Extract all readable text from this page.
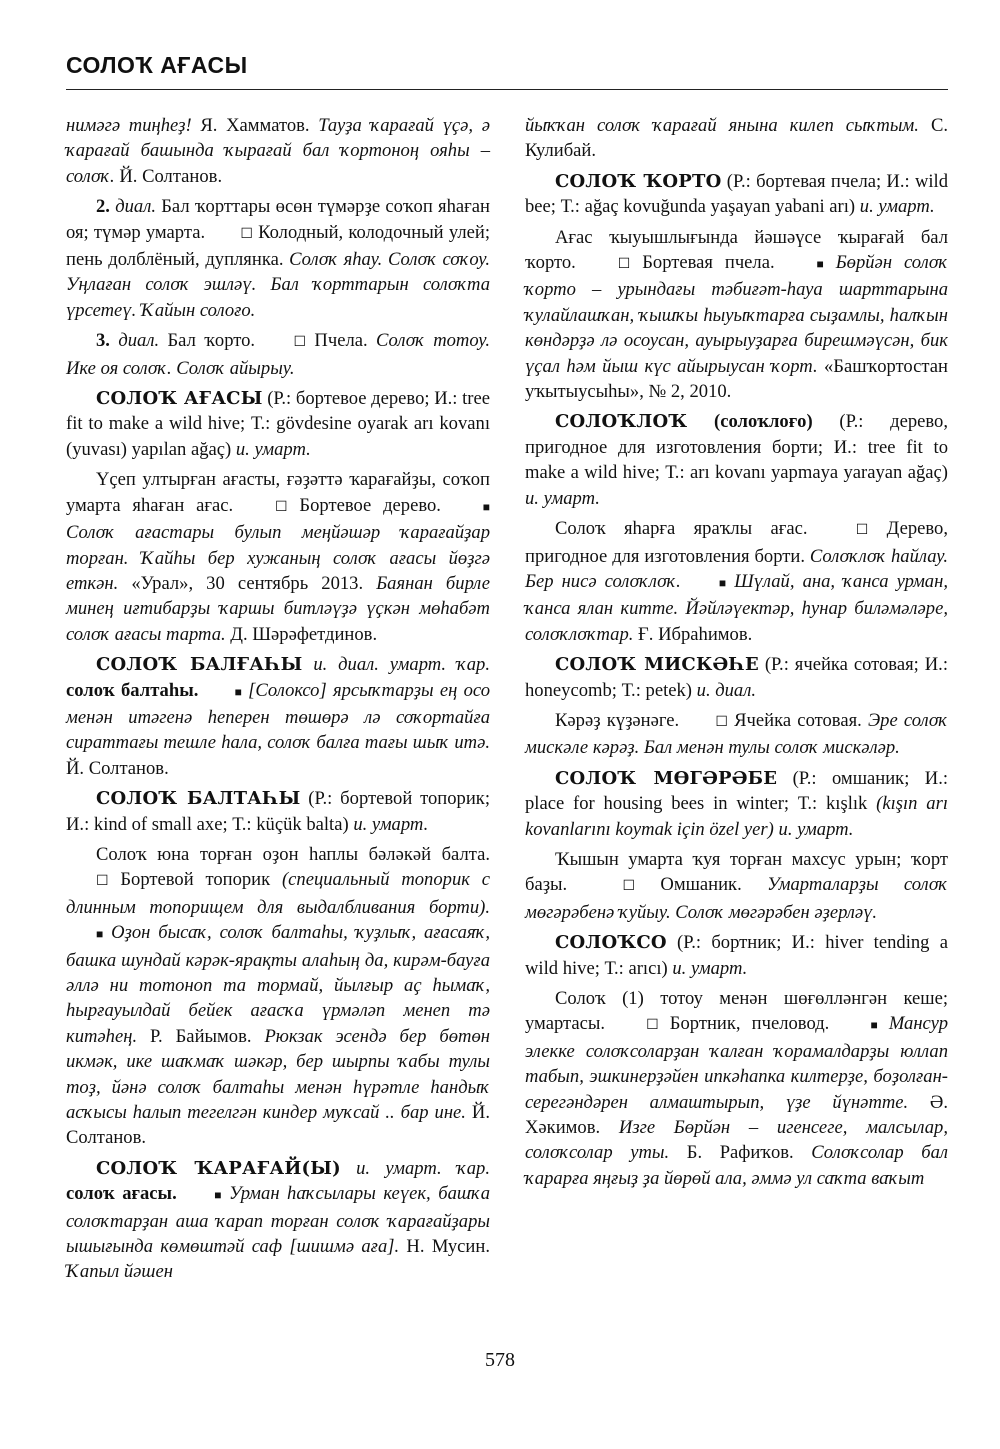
СОЛОҠ АҒАСЫ

нимәгә тиңһеҙ! Я. Хамматов. Тауҙа ҡарағай үҫә, ә ҡарағай башында ҡырағай бал ҡортоноң ояһы – солоҡ. Й. Солтанов.

2. диал. Бал ҡорттары өсөн түмәрҙе соҡоп яһаған оя; түмәр умарта. ☐ Колодный, колодочный улей; пень долблёный, дуплянка. Солоҡ яһау. Солоҡ соҡоу. Уңлаған солоҡ эшләү. Бал ҡорттарын солоҡта үрсетеү. Ҡайын солоғо.

3. диал. Бал ҡорто. ☐ Пчела. Солоҡ тотоу. Ике оя солоҡ. Солоҡ айырыу.

СОЛОҠ АҒАСЫ (Р.: бортевое дерево; И.: tree fit to make a wild hive; Т.: gövdesine oyarak arı kovanı (yuvası) yapılan ağaç) и. умарт.

Үҫеп ултырған ағасты, ғәҙәттә ҡарағайҙы, соҡоп умарта яһаған ағас. ☐ Бортевое дерево.	■ Солоҡ ағастары булып меңйәшәр ҡарағайҙар торған. Ҡайһы бер хужаның солоҡ ағасы йөҙгә еткән. «Урал», 30 сентябрь 2013. Баянан бирле минең иғтибарҙы ҡаршы битләүҙә үҫкән мөһабәт солоҡ ағасы тарта. Д. Шәрәфетдинов.

СОЛОҠ БАЛҒАҺЫ и. диал. умарт. ҡар. солоҡ балтаһы.	■ [Солоксо] ярсыҡтарҙы ең осо менән итәгенә һеперен төшөрә лә соҡортайға сираттағы тешле һала, солоҡ балға тағы шыҡ итә. Й. Солтанов.

СОЛОҠ БАЛТАҺЫ (Р.: бортевой топорик; И.: kind of small axe; Т.: küçük balta) и. умарт.

Солоҡ юна торған оҙон һаплы бәләкәй балта. ☐ Бортевой топорик (специальный топорик с длинным топорищем для выдалбливания борти). ■ Оҙон бысаҡ, солоҡ балтаһы, ҡуҙлыҡ, ағасаяҡ, башка шундай кәрәк-ярақты алаһың да, кирәм-бауға әллә ни тотоноп та тормай, йылғыр аҫ һымаҡ, һырғауылдай бейек ағасҡа үрмәләп менеп тә китәһең. Р. Байымов. Рюкзак эсендә бер бөтөн икмәк, ике шаҡмаҡ шәкәр, бер шырпы ҡабы тулы тоҙ, йәнә солоҡ балтаһы менән һүрәтле һандыҡ асҡысы һалып тегелгән киндер муҡсай .. бар ине. Й. Солтанов.

СОЛОҠ ҠАРАҒАЙ(Ы) и. умарт. ҡар. солоҡ ағасы.	■ Урман һаҡсылары кеүек, башҡа солоҡтарҙан аша ҡарап торған солоҡ ҡарағайҙары ышығында көмөштәй саф [шишмә аға]. Н. Мусин. Ҡапыл йәшен

йыҡҡан солоҡ ҡарағай янына килеп сыҡтым. С. Кулибай.

СОЛОҠ ҠОРТО (Р.: бортевая пчела; И.: wild bee; Т.: ağaç kovuğunda yaşayan yabani arı) и. умарт.

Ағас ҡыуышлығында йәшәүсе ҡырағай бал ҡорто. ☐ Бортевая пчела.	■ Бөрйән солоҡ ҡорто – урындағы тәбиғәт-һауа шарттарына ҡулайлашҡан, ҡышҡы һыуыҡтарға сыҙамлы, һалҡын көндәрҙә лә осоусан, ауырыуҙарға бирешмәүсән, бик үҫал һәм йыш күс айырыусан ҡорт. «Башҡортостан уҡытыусыһы», № 2, 2010.

СОЛОҠЛОҠ (солоҡлоғо) (Р.: дерево, пригодное для изготовления борти; И.: tree fit to make a wild hive; Т.: arı kovanı yapmaya yarayan ağaç) и. умарт.

Солоҡ яһарға яраҡлы ағас. ☐ Дерево, пригодное для изготовления борти. Солоҡлоҡ һайлау. Бер нисә солоҡлоҡ.	■ Шүлай, ана, ҡанса урман, ҡанса ялан китте. Йәйләүектәр, һунар биләмәләре, солоҡлоҡтар. Ғ. Ибраһимов.

СОЛОҠ МИСКӘҺЕ (Р.: ячейка сотовая; И.: honeycomb; Т.: petek) и. диал.

Кәрәҙ күҙәнәге. ☐ Ячейка сотовая. Эре солоҡ мискәле кәрәҙ. Бал менән тулы солоҡ мискәләр.

СОЛОҠ МӨГӘРӘБЕ (Р.: омшаник; И.: place for housing bees in winter; Т.: kışlık (kışın arı kovanlarını koymak için özel yer) и. умарт.

Ҡышын умарта ҡуя торған махсус урын; ҡорт баҙы. ☐ Омшаник. Умарталарҙы солоҡ мөгәрәбенә ҡуйыу. Солоҡ мөгәрәбен әҙерләү.

СОЛОҠСО (Р.: бортник; И.: hiver tending a wild hive; Т.: arıcı) и. умарт.

Солоҡ (1) тотоу менән шөғөлләнгән кеше; умартасы. ☐ Бортник, пчеловод.	■ Мансур элекке солоҡсоларҙан ҡалған ҡорамалдарҙы юллап табып, эшкинерҙәйен ипкәһапка килтерҙе, боҙолған-серегәндәрен алмаштырып, үҙе йүнәтте. Ә. Хәкимов. Изге Бөрйән – игенсеге, малсылар, солоҡсолар уты. Б. Рафиҡов. Солоҡсолар бал ҡарарға яңғыҙ ҙа йөрөй ала, әммә ул саҡта ваҡыт

578
